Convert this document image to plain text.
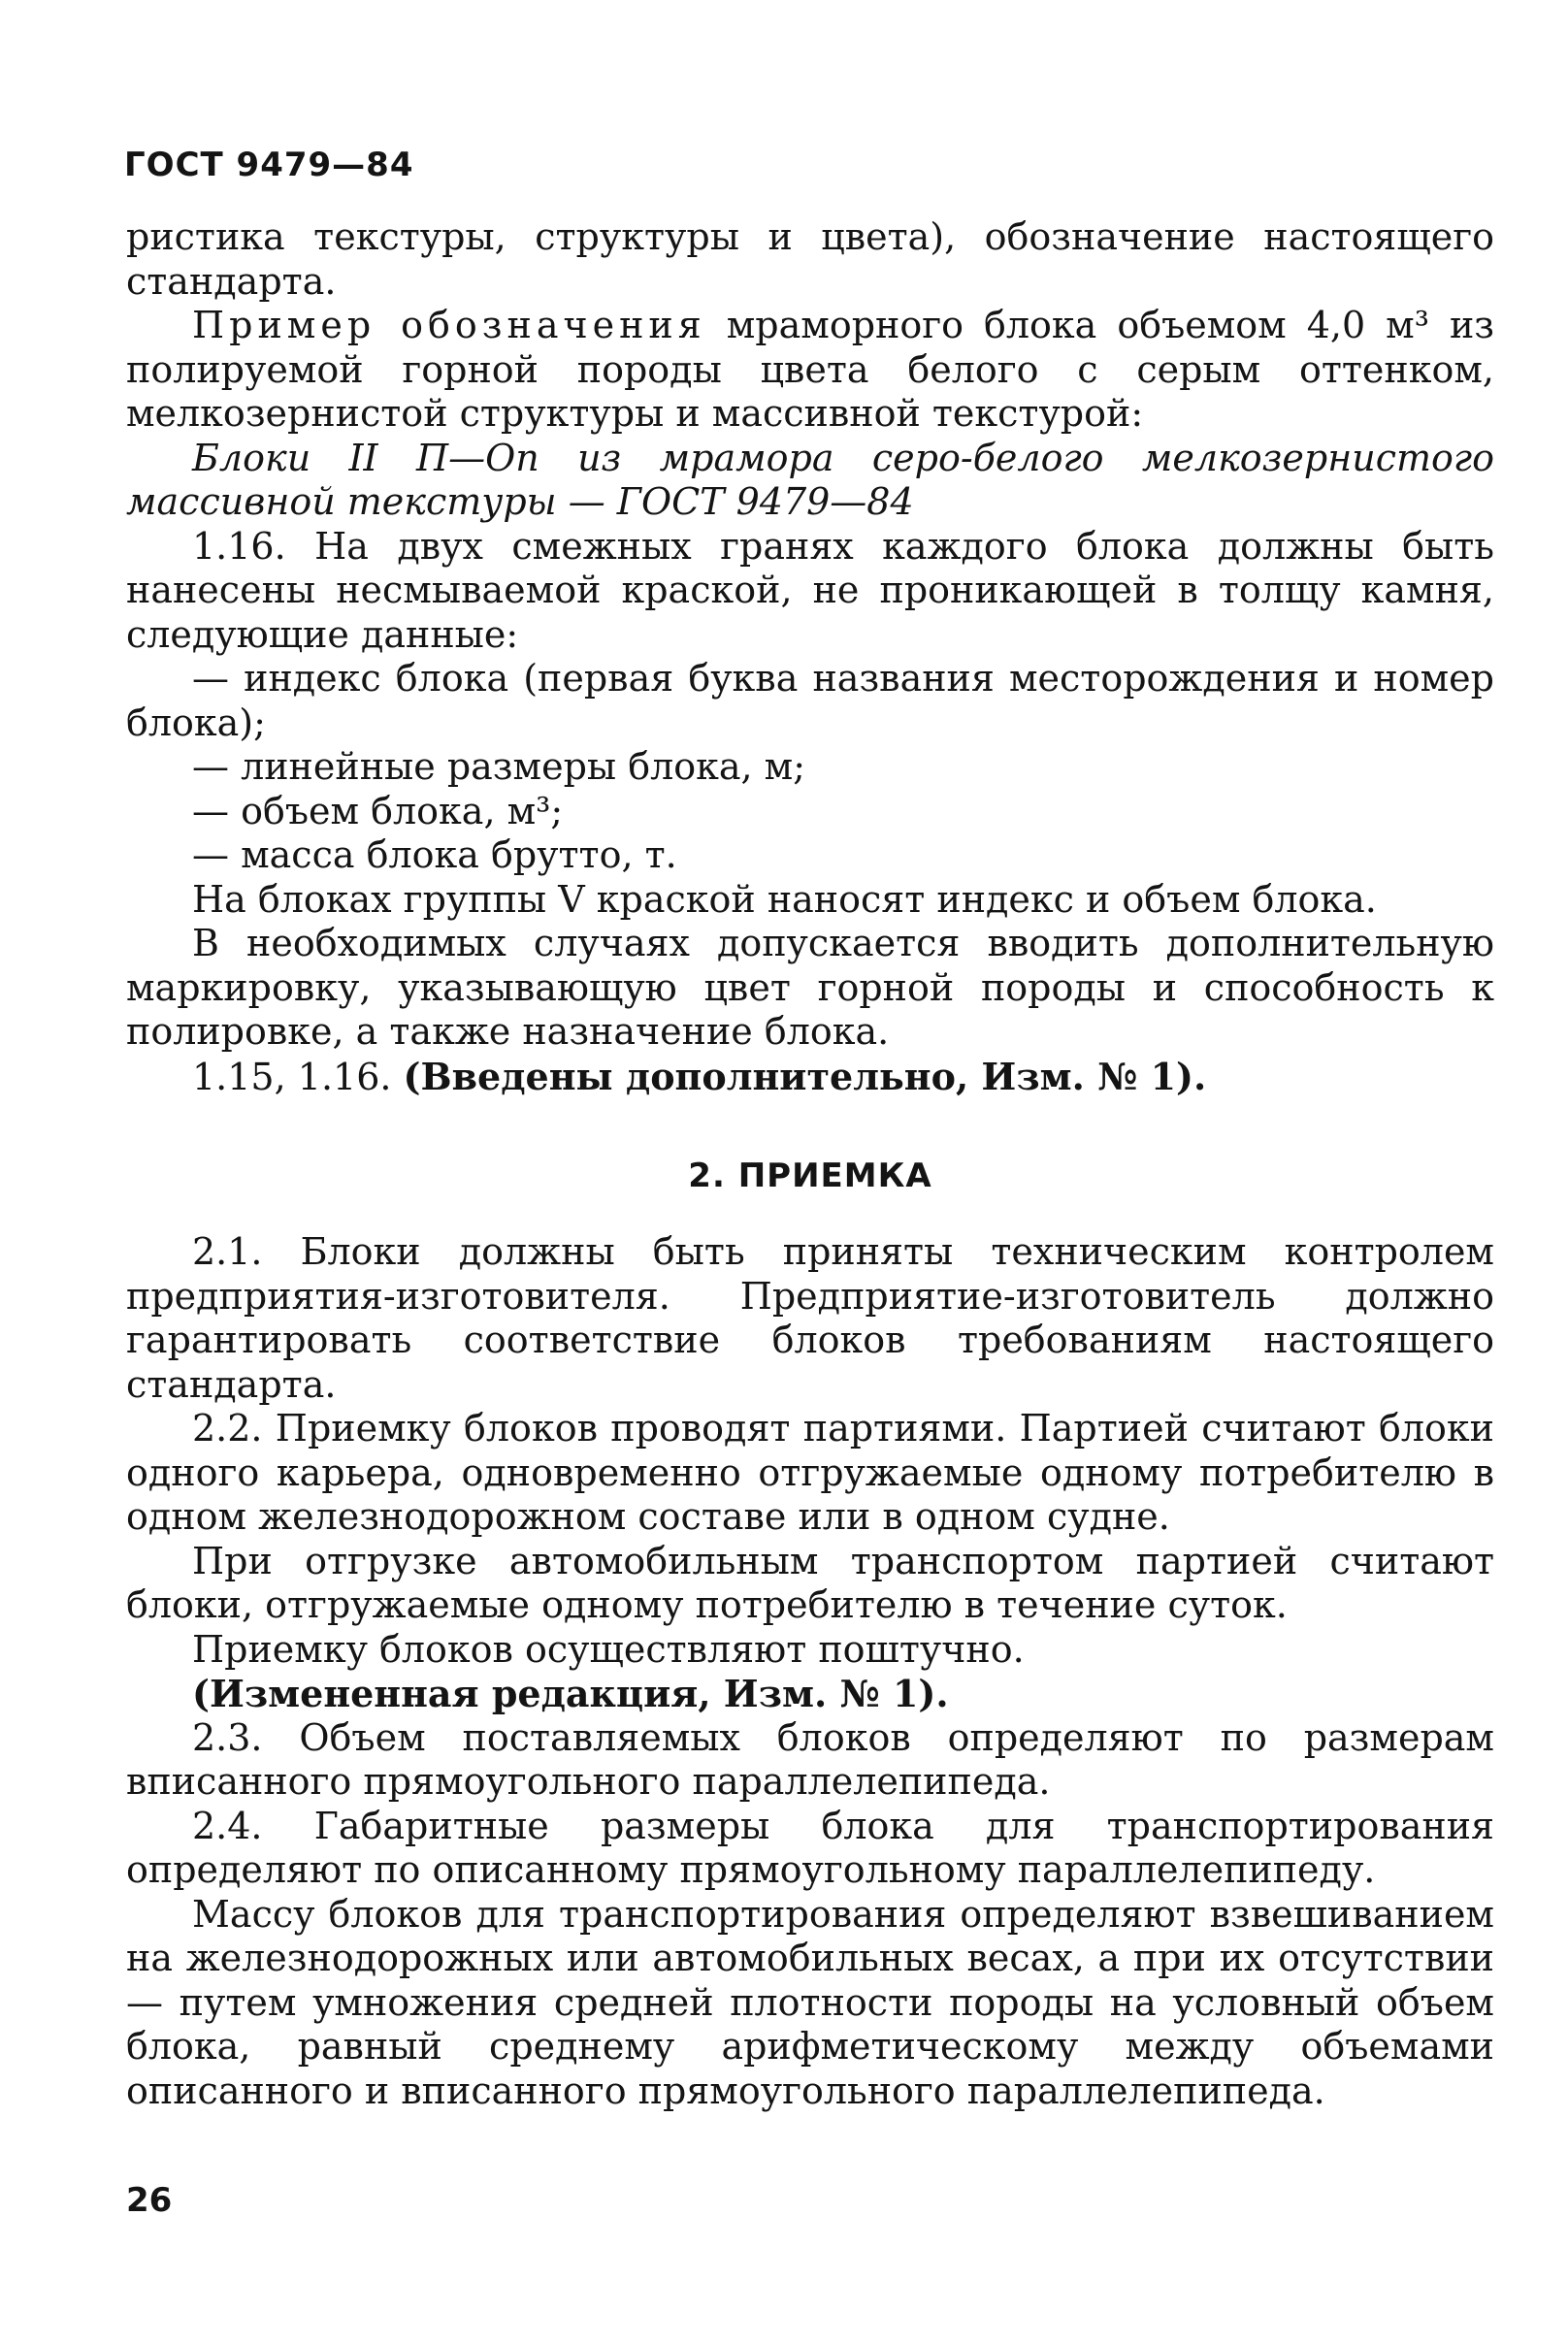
ГОСТ 9479—84

ристика текстуры, структуры и цвета), обозначение настоящего стандарта.

Пример обозначения мраморного блока объемом 4,0 м³ из полируемой горной породы цвета белого с серым оттенком, мелкозернистой структуры и массивной текстурой:

Блоки II П—Оп из мрамора серо-белого мелкозернистого массивной текстуры — ГОСТ 9479—84

1.16. На двух смежных гранях каждого блока должны быть нанесены несмываемой краской, не проникающей в толщу камня, следующие данные:

— индекс блока (первая буква названия месторождения и номер блока);
— линейные размеры блока, м;
— объем блока, м³;
— масса блока брутто, т.

На блоках группы V краской наносят индекс и объем блока.

В необходимых случаях допускается вводить дополнительную маркировку, указывающую цвет горной породы и способность к полировке, а также назначение блока.

1.15, 1.16. (Введены дополнительно, Изм. № 1).

2. ПРИЕМКА

2.1. Блоки должны быть приняты техническим контролем предприятия-изготовителя. Предприятие-изготовитель должно гарантировать соответствие блоков требованиям настоящего стандарта.

2.2. Приемку блоков проводят партиями. Партией считают блоки одного карьера, одновременно отгружаемые одному потребителю в одном железнодорожном составе или в одном судне.

При отгрузке автомобильным транспортом партией считают блоки, отгружаемые одному потребителю в течение суток.

Приемку блоков осуществляют поштучно.

(Измененная редакция, Изм. № 1).

2.3. Объем поставляемых блоков определяют по размерам вписанного прямоугольного параллелепипеда.

2.4. Габаритные размеры блока для транспортирования определяют по описанному прямоугольному параллелепипеду.

Массу блоков для транспортирования определяют взвешиванием на железнодорожных или автомобильных весах, а при их отсутствии — путем умножения средней плотности породы на условный объем блока, равный среднему арифметическому между объемами описанного и вписанного прямоугольного параллелепипеда.

26
